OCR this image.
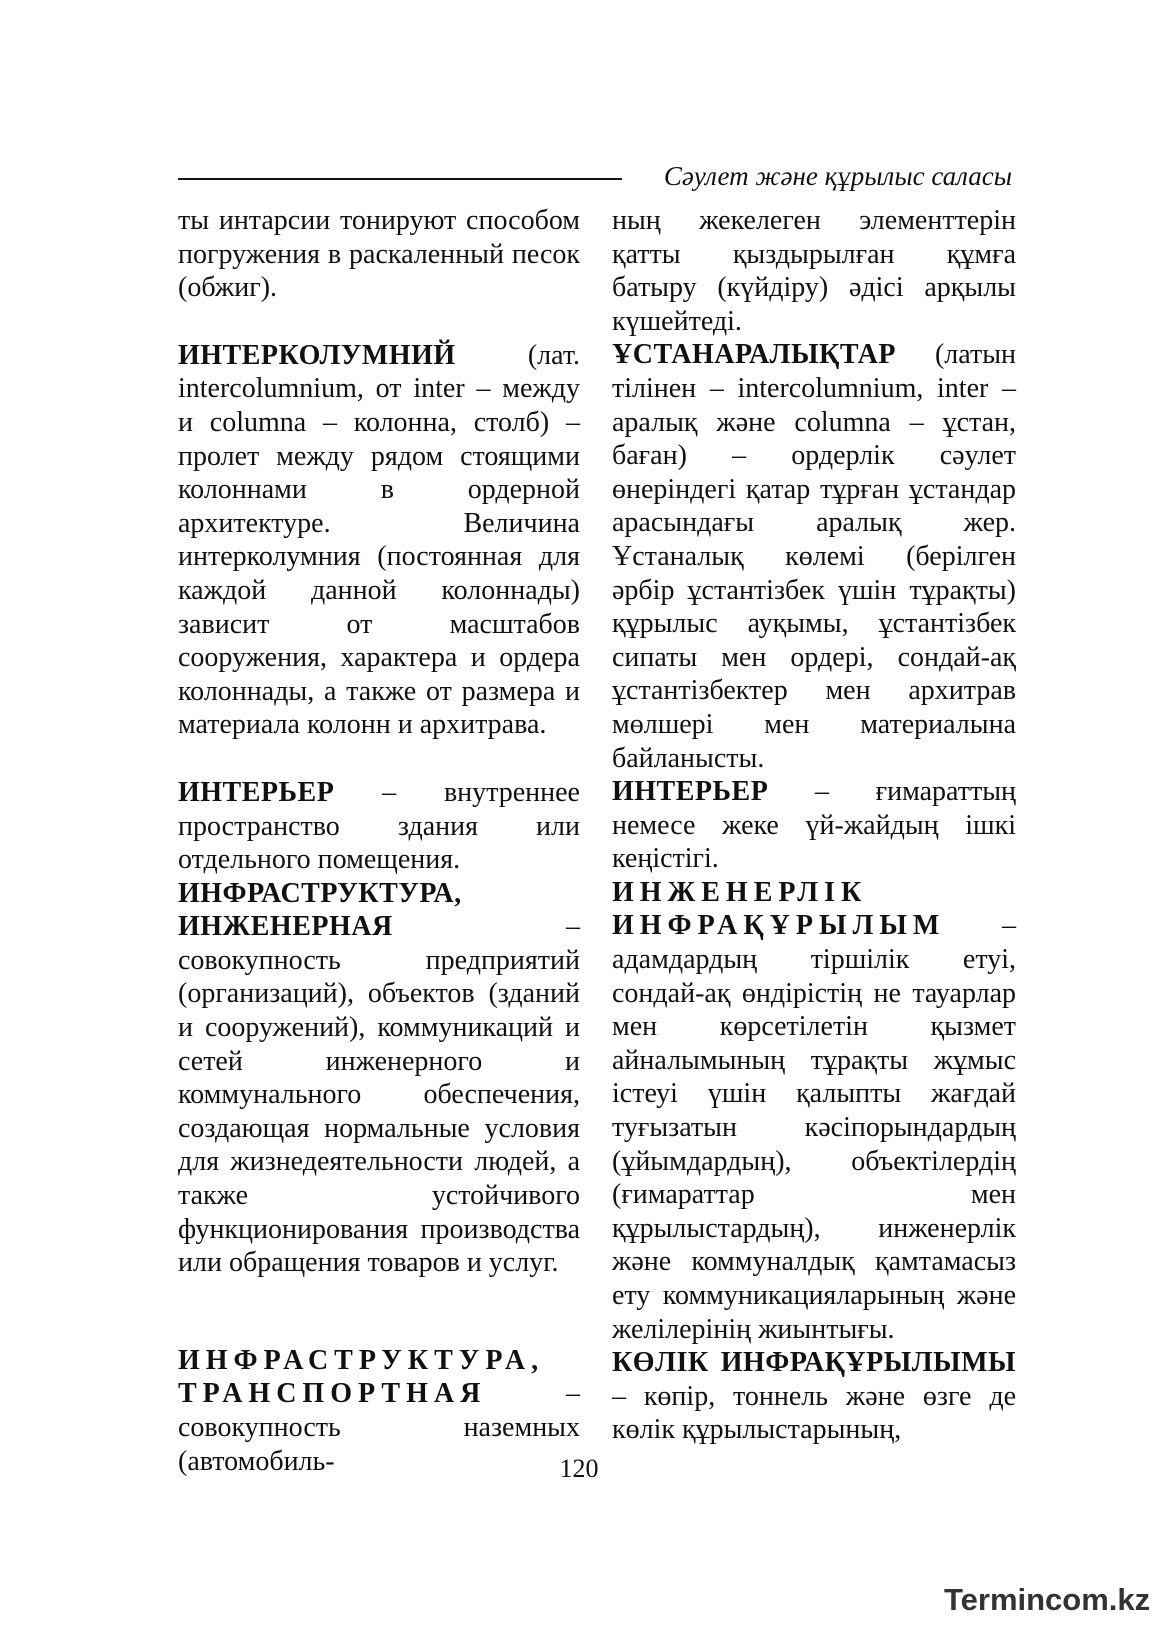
Сәулет және құрылыс саласы

ты интарсии тонируют способом погружения в раскаленный песок (обжиг).

ИНТЕРКОЛУМНИЙ (лат. intercolumnium, от inter – между и columna – колонна, столб) – пролет между рядом стоящими колоннами в ордерной архитектуре. Величина интерколумния (постоянная для каждой данной колоннады) зависит от масштабов сооружения, характера и ордера колоннады, а также от размера и материала колонн и архитрава.

ИНТЕРЬЕР – внутреннее пространство здания или отдельного помещения.

ИНФРАСТРУКТУРА, ИНЖЕНЕРНАЯ – совокупность предприятий (организаций), объектов (зданий и сооружений), коммуникаций и сетей инженерного и коммунального обеспечения, создающая нормальные условия для жизнедеятельности людей, а также устойчивого функционирования производства или обращения товаров и услуг.

ИНФРАСТРУКТУРА, ТРАНСПОРТНАЯ – совокупность наземных (автомобиль-

ның жекелеген элементтерін қатты қыздырылған құмға батыру (күйдіру) әдісі арқылы күшейтеді.

ҰСТАНАРАЛЫҚТАР (латын тілінен – intercolumnium, inter – аралық және columna – ұстан, баған) – ордерлік сәулет өнеріндегі қатар тұрған ұстандар арасындағы аралық жер. Ұстаналық көлемі (берілген әрбір ұстантізбек үшін тұрақты) құрылыс ауқымы, ұстантізбек сипаты мен ордері, сондай-ақ ұстантізбектер мен архитрав мөлшері мен материалына байланысты.

ИНТЕРЬЕР – ғимараттың немесе жеке үй-жайдың ішкі кеңістігі.

ИНЖЕНЕРЛІК ИНФРАҚҰРЫЛЫМ – адамдардың тіршілік етуі, сондай-ақ өндірістің не тауарлар мен көрсетілетін қызмет айналымының тұрақты жұмыс істеуі үшін қалыпты жағдай туғызатын кәсіпорындардың (ұйымдардың), объектілердің (ғимараттар мен құрылыстардың), инженерлік және коммуналдық қамтамасыз ету коммуникацияларының және желілерінің жиынтығы.

КӨЛІК ИНФРАҚҰРЫЛЫМЫ – көпір, тоннель және өзге де көлік құрылыстарының,

120
Termincom.kz
